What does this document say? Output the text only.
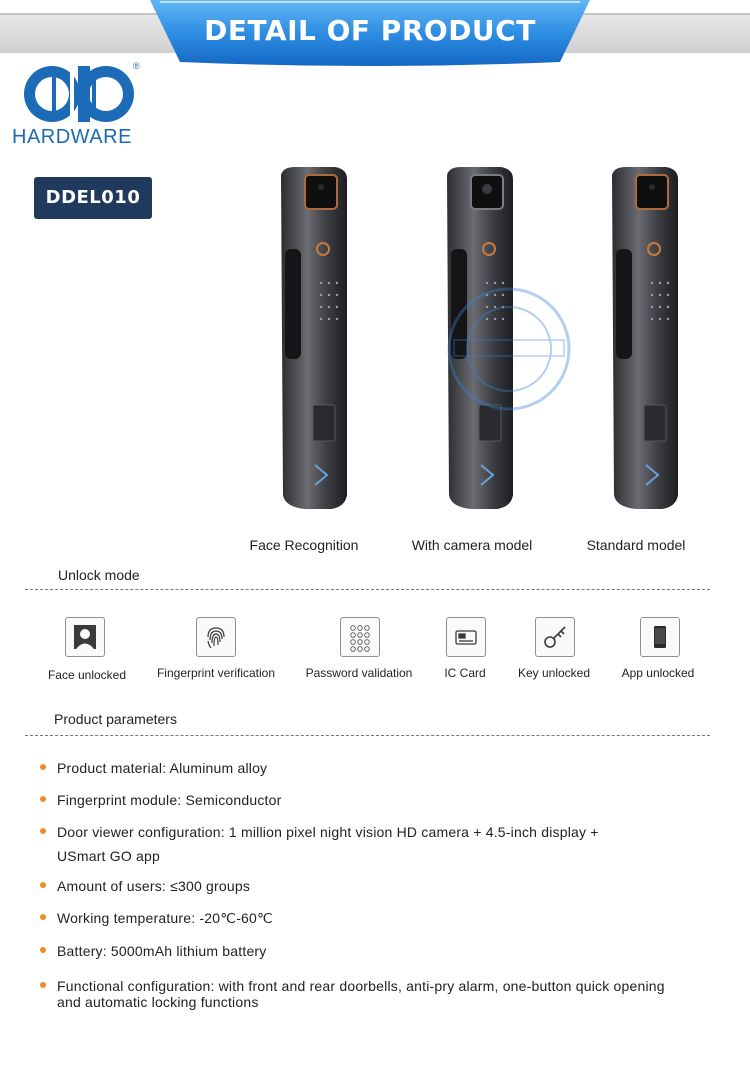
DETAIL OF PRODUCT
®
HARDWARE
DDEL010
Face Recognition	With camera model	Standard model
Unlock mode
Face unlocked	Fingerprint verification	Password validation	IC Card	Key unlocked	App unlocked
Product parameters
Product material: Aluminum alloy
Fingerprint module: Semiconductor
Door viewer configuration: 1 million pixel night vision HD camera + 4.5-inch display +
USmart GO app
Amount of users: ≤300 groups
Working temperature: -20℃-60℃
Battery: 5000mAh lithium battery
Functional configuration: with front and rear doorbells, anti-pry alarm, one-button quick opening
and automatic locking functions
